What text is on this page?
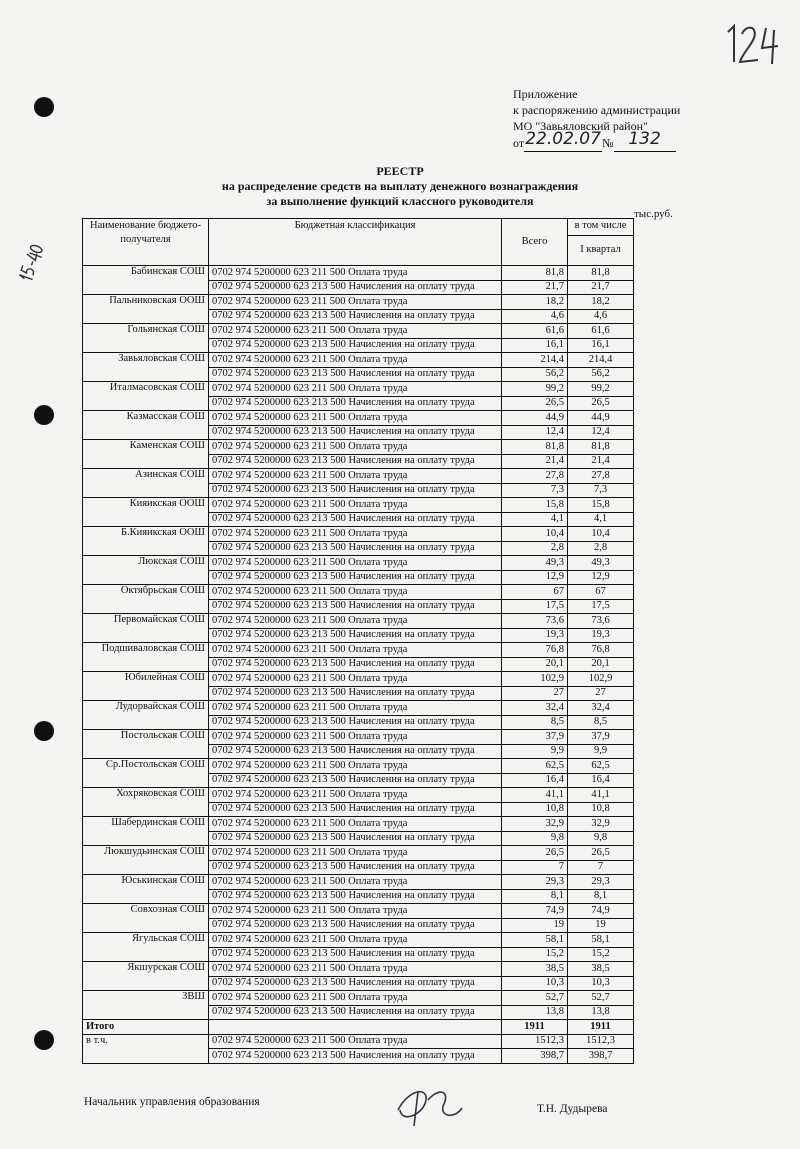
Приложение
к распоряжению администрации
МО "Завьяловский район"
от22.02.07№ 132
РЕЕСТР
на распределение средств на выплату денежного вознаграждения
за выполнение функций классного руководителя
тыс.руб.
Наименование бюджето-получателя	Бюджетная классификация	Всего	в том числе
			I квартал
Бабинская СОШ	0702 974 5200000 623 211 500 Оплата труда	81,8	81,8
	0702 974 5200000 623 213 500 Начисления на оплату труда	21,7	21,7
Пальниковская ООШ	0702 974 5200000 623 211 500 Оплата труда	18,2	18,2
	0702 974 5200000 623 213 500 Начисления на оплату труда	4,6	4,6
Гольянская СОШ	0702 974 5200000 623 211 500 Оплата труда	61,6	61,6
	0702 974 5200000 623 213 500 Начисления на оплату труда	16,1	16,1
Завьяловская СОШ	0702 974 5200000 623 211 500 Оплата труда	214,4	214,4
	0702 974 5200000 623 213 500 Начисления на оплату труда	56,2	56,2
Италмасовская СОШ	0702 974 5200000 623 211 500 Оплата труда	99,2	99,2
	0702 974 5200000 623 213 500 Начисления на оплату труда	26,5	26,5
Казмасская СОШ	0702 974 5200000 623 211 500 Оплата труда	44,9	44,9
	0702 974 5200000 623 213 500 Начисления на оплату труда	12,4	12,4
Каменская СОШ	0702 974 5200000 623 211 500 Оплата труда	81,8	81,8
	0702 974 5200000 623 213 500 Начисления на оплату труда	21,4	21,4
Азинская СОШ	0702 974 5200000 623 211 500 Оплата труда	27,8	27,8
	0702 974 5200000 623 213 500 Начисления на оплату труда	7,3	7,3
Кияикская ООШ	0702 974 5200000 623 211 500 Оплата труда	15,8	15,8
	0702 974 5200000 623 213 500 Начисления на оплату труда	4,1	4,1
Б.Кияикская ООШ	0702 974 5200000 623 211 500 Оплата труда	10,4	10,4
	0702 974 5200000 623 213 500 Начисления на оплату труда	2,8	2,8
Люкская СОШ	0702 974 5200000 623 211 500 Оплата труда	49,3	49,3
	0702 974 5200000 623 213 500 Начисления на оплату труда	12,9	12,9
Октябрьская СОШ	0702 974 5200000 623 211 500 Оплата труда	67	67
	0702 974 5200000 623 213 500 Начисления на оплату труда	17,5	17,5
Первомайская СОШ	0702 974 5200000 623 211 500 Оплата труда	73,6	73,6
	0702 974 5200000 623 213 500 Начисления на оплату труда	19,3	19,3
Подшиваловская СОШ	0702 974 5200000 623 211 500 Оплата труда	76,8	76,8
	0702 974 5200000 623 213 500 Начисления на оплату труда	20,1	20,1
Юбилейная СОШ	0702 974 5200000 623 211 500 Оплата труда	102,9	102,9
	0702 974 5200000 623 213 500 Начисления на оплату труда	27	27
Лудорвайская СОШ	0702 974 5200000 623 211 500 Оплата труда	32,4	32,4
	0702 974 5200000 623 213 500 Начисления на оплату труда	8,5	8,5
Постольская СОШ	0702 974 5200000 623 211 500 Оплата труда	37,9	37,9
	0702 974 5200000 623 213 500 Начисления на оплату труда	9,9	9,9
Ср.Постольская СОШ	0702 974 5200000 623 211 500 Оплата труда	62,5	62,5
	0702 974 5200000 623 213 500 Начисления на оплату труда	16,4	16,4
Хохряковская СОШ	0702 974 5200000 623 211 500 Оплата труда	41,1	41,1
	0702 974 5200000 623 213 500 Начисления на оплату труда	10,8	10,8
Шабердинская СОШ	0702 974 5200000 623 211 500 Оплата труда	32,9	32,9
	0702 974 5200000 623 213 500 Начисления на оплату труда	9,8	9,8
Люкшудьинская СОШ	0702 974 5200000 623 211 500 Оплата труда	26,5	26,5
	0702 974 5200000 623 213 500 Начисления на оплату труда	7	7
Юськинская СОШ	0702 974 5200000 623 211 500 Оплата труда	29,3	29,3
	0702 974 5200000 623 213 500 Начисления на оплату труда	8,1	8,1
Совхозная СОШ	0702 974 5200000 623 211 500 Оплата труда	74,9	74,9
	0702 974 5200000 623 213 500 Начисления на оплату труда	19	19
Ягульская СОШ	0702 974 5200000 623 211 500 Оплата труда	58,1	58,1
	0702 974 5200000 623 213 500 Начисления на оплату труда	15,2	15,2
Якшурская СОШ	0702 974 5200000 623 211 500 Оплата труда	38,5	38,5
	0702 974 5200000 623 213 500 Начисления на оплату труда	10,3	10,3
ЗВШ	0702 974 5200000 623 211 500 Оплата труда	52,7	52,7
	0702 974 5200000 623 213 500 Начисления на оплату труда	13,8	13,8
Итого		1911	1911
в т.ч.	0702 974 5200000 623 211 500 Оплата труда	1512,3	1512,3
	0702 974 5200000 623 213 500 Начисления на оплату труда	398,7	398,7
Начальник управления образования
Т.Н. Дудырева
